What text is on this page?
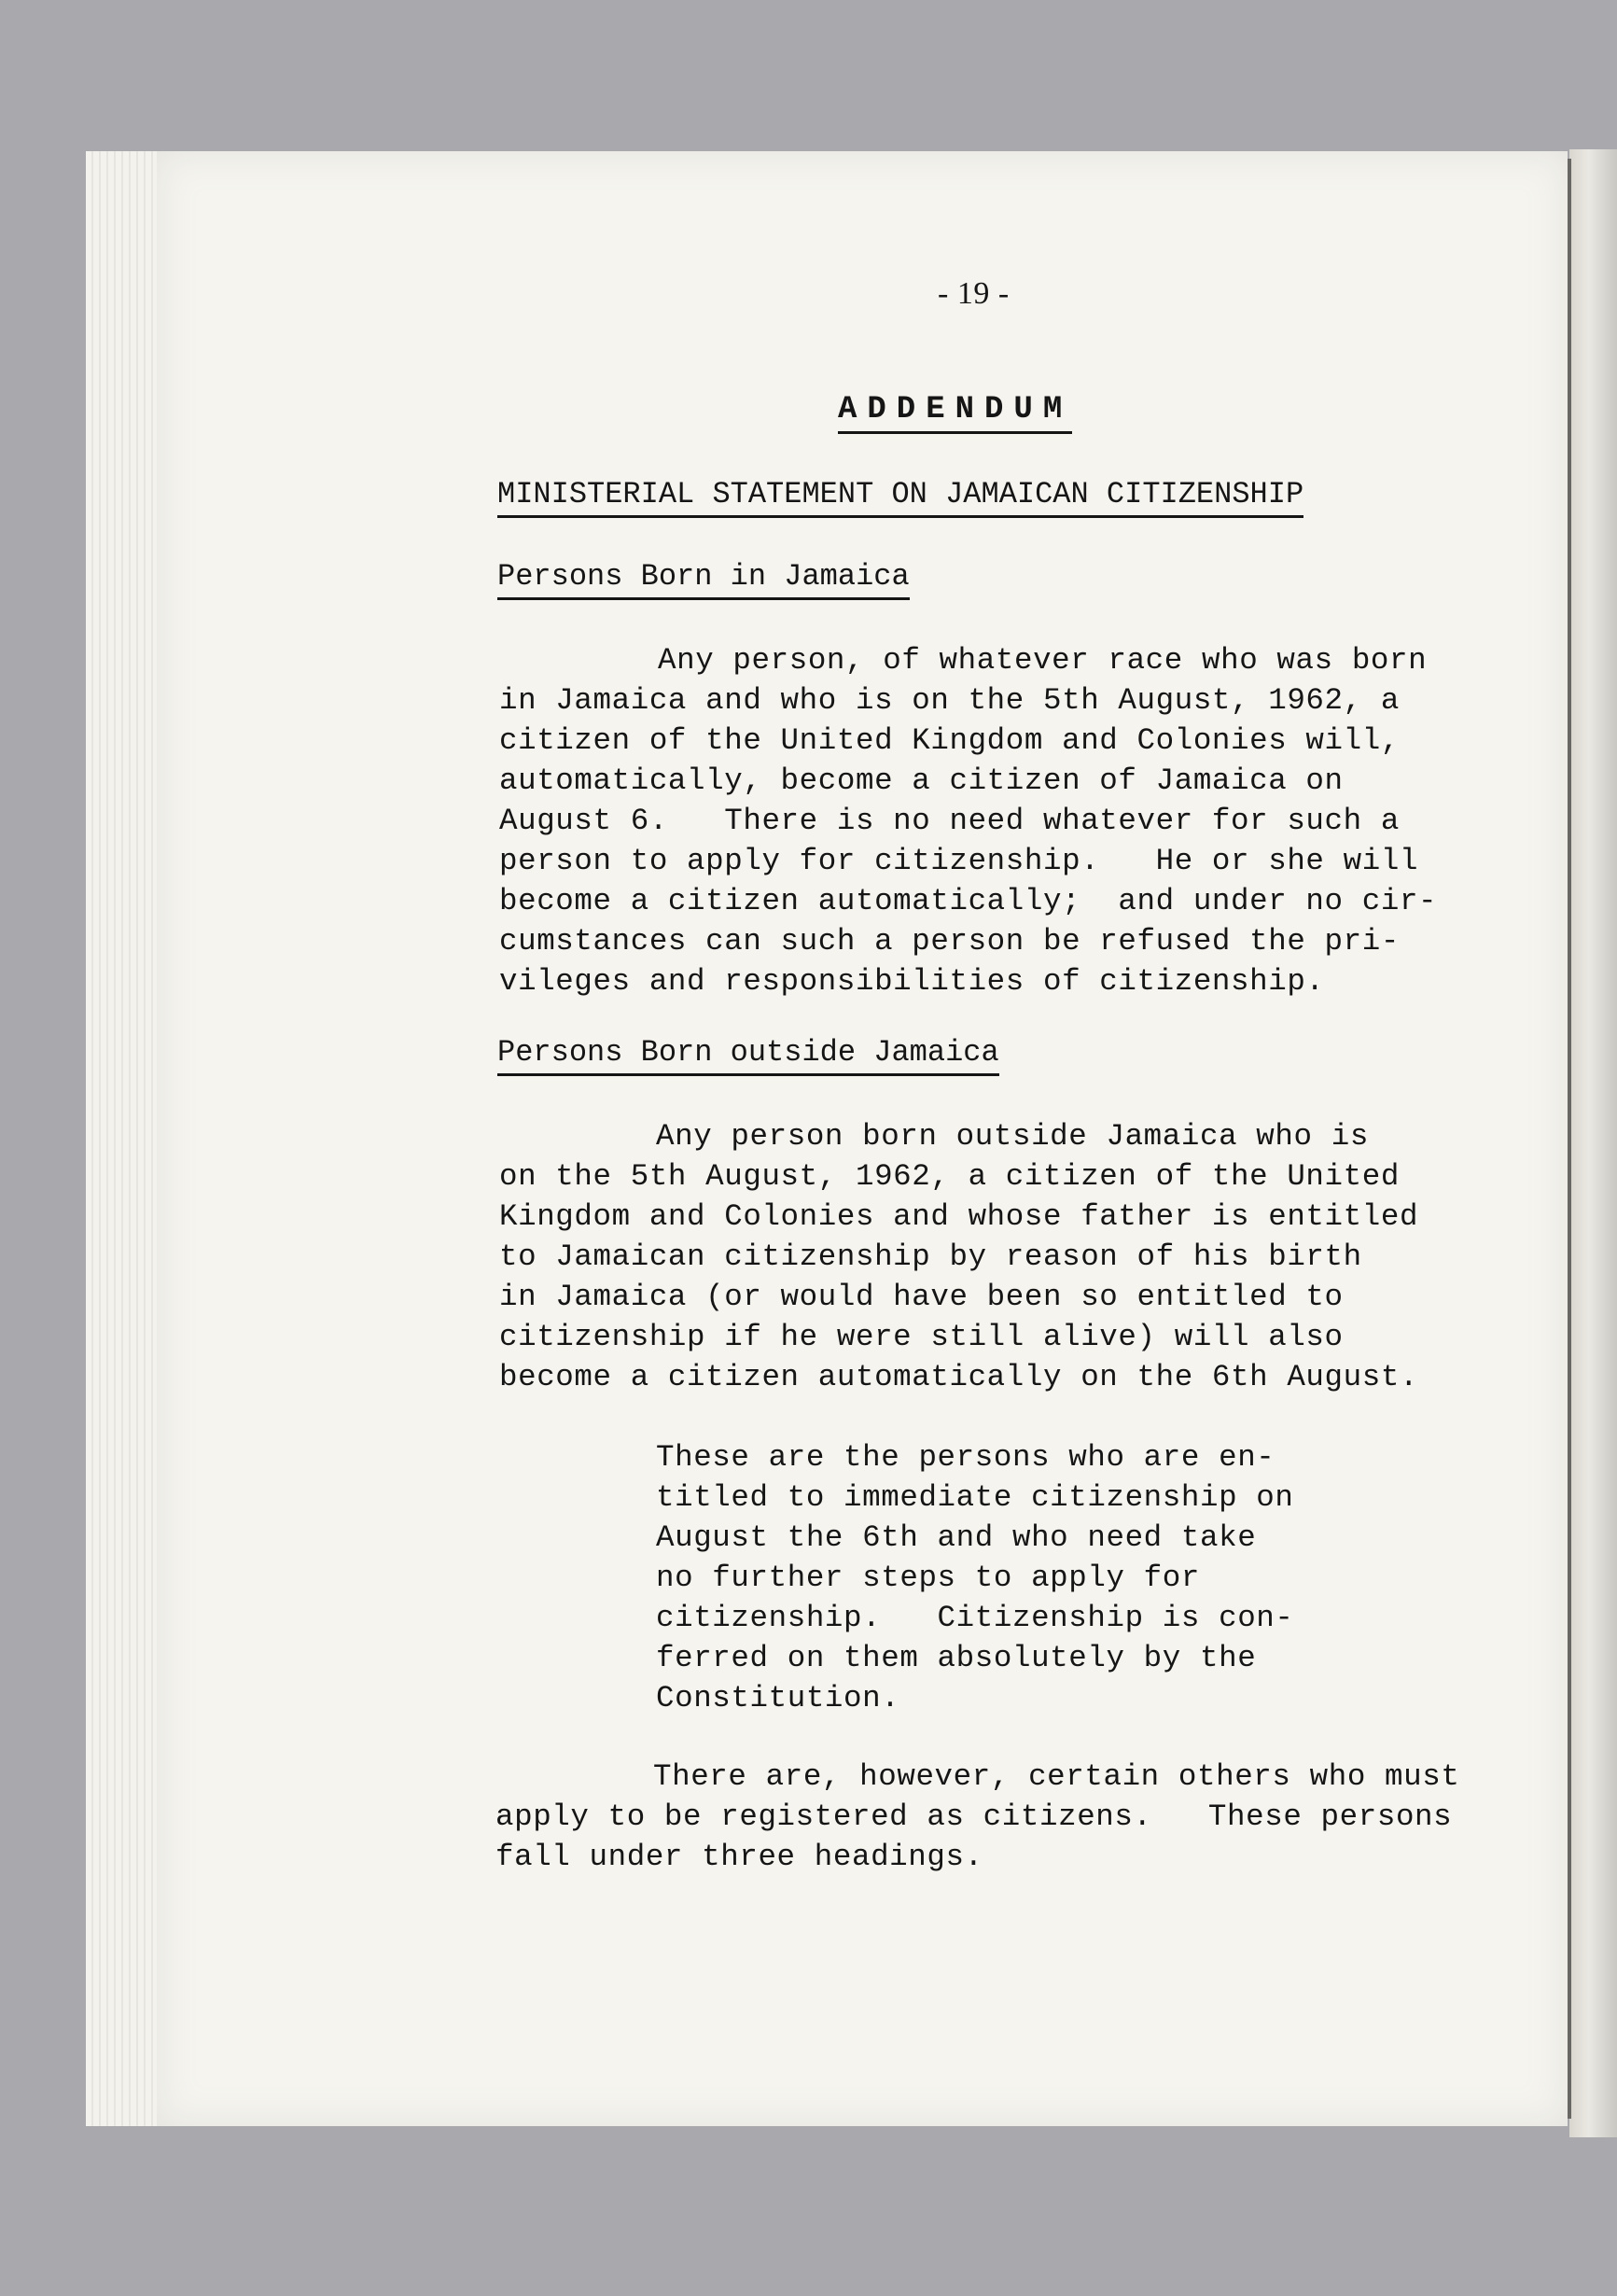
- 19 -
ADDENDUM
MINISTERIAL STATEMENT ON JAMAICAN CITIZENSHIP
Persons Born in Jamaica
Any person, of whatever race who was born
in Jamaica and who is on the 5th August, 1962, a
citizen of the United Kingdom and Colonies will,
automatically, become a citizen of Jamaica on
August 6.   There is no need whatever for such a
person to apply for citizenship.   He or she will
become a citizen automatically;  and under no cir-
cumstances can such a person be refused the pri-
vileges and responsibilities of citizenship.
Persons Born outside Jamaica
Any person born outside Jamaica who is
on the 5th August, 1962, a citizen of the United
Kingdom and Colonies and whose father is entitled
to Jamaican citizenship by reason of his birth
in Jamaica (or would have been so entitled to
citizenship if he were still alive) will also
become a citizen automatically on the 6th August.
These are the persons who are en-
titled to immediate citizenship on
August the 6th and who need take
no further steps to apply for
citizenship.   Citizenship is con-
ferred on them absolutely by the
Constitution.
There are, however, certain others who must
apply to be registered as citizens.   These persons
fall under three headings.
